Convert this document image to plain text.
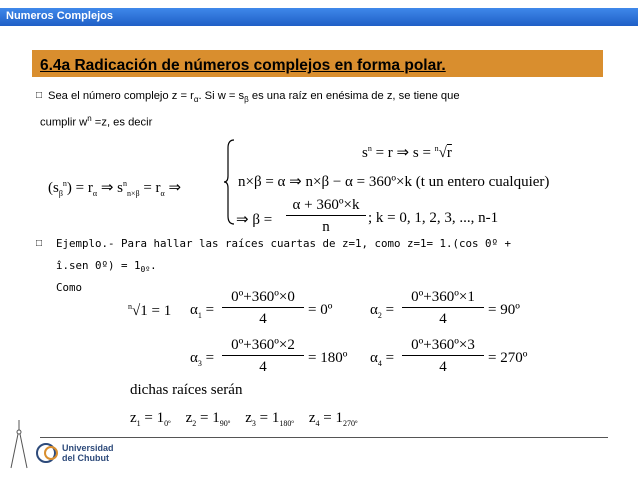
Numeros Complejos
6.4a Radicación de números complejos en forma polar.
□ Sea el número complejo $z = r_\alpha$. Si $w = s_\beta$ es una raíz en enésima de z, se tiene que
cumplir $w^n =z$, es decir
$(s_\beta^n) = r_\alpha$ ⇒ $s^n_{n\times\beta} = r_\alpha$ ⇒
$s^n = r$ ⇒ s = $^n$√r
n×β = α ⇒ n×β − α = 360º×k (t un entero cualquier)
⇒ β =
α + 360º×k
n
; k = 0, 1, 2, 3, ..., n-1
□ Ejemplo.- Para hallar las raíces cuartas de z=1, como z=1= 1.(cos 0º +
î.sen 0º) = $1_{0º}$.
Como
$^n$√1 = 1 $\alpha_1$ =
0º+360º×0
4
= 0º	$\alpha_2$ =
0º+360º×1
4
= 90º
$\alpha_3$ =
0º+360º×2
4
= 180º $\alpha_4$ =
0º+360º×3
4
= 270º
dichas raíces serán
$z_1 = 1_{0º}$ $z_2 = 1_{90º}$ $z_3 = 1_{180º}$ $z_4 = 1_{270º}$
Universidad
del Chubut
